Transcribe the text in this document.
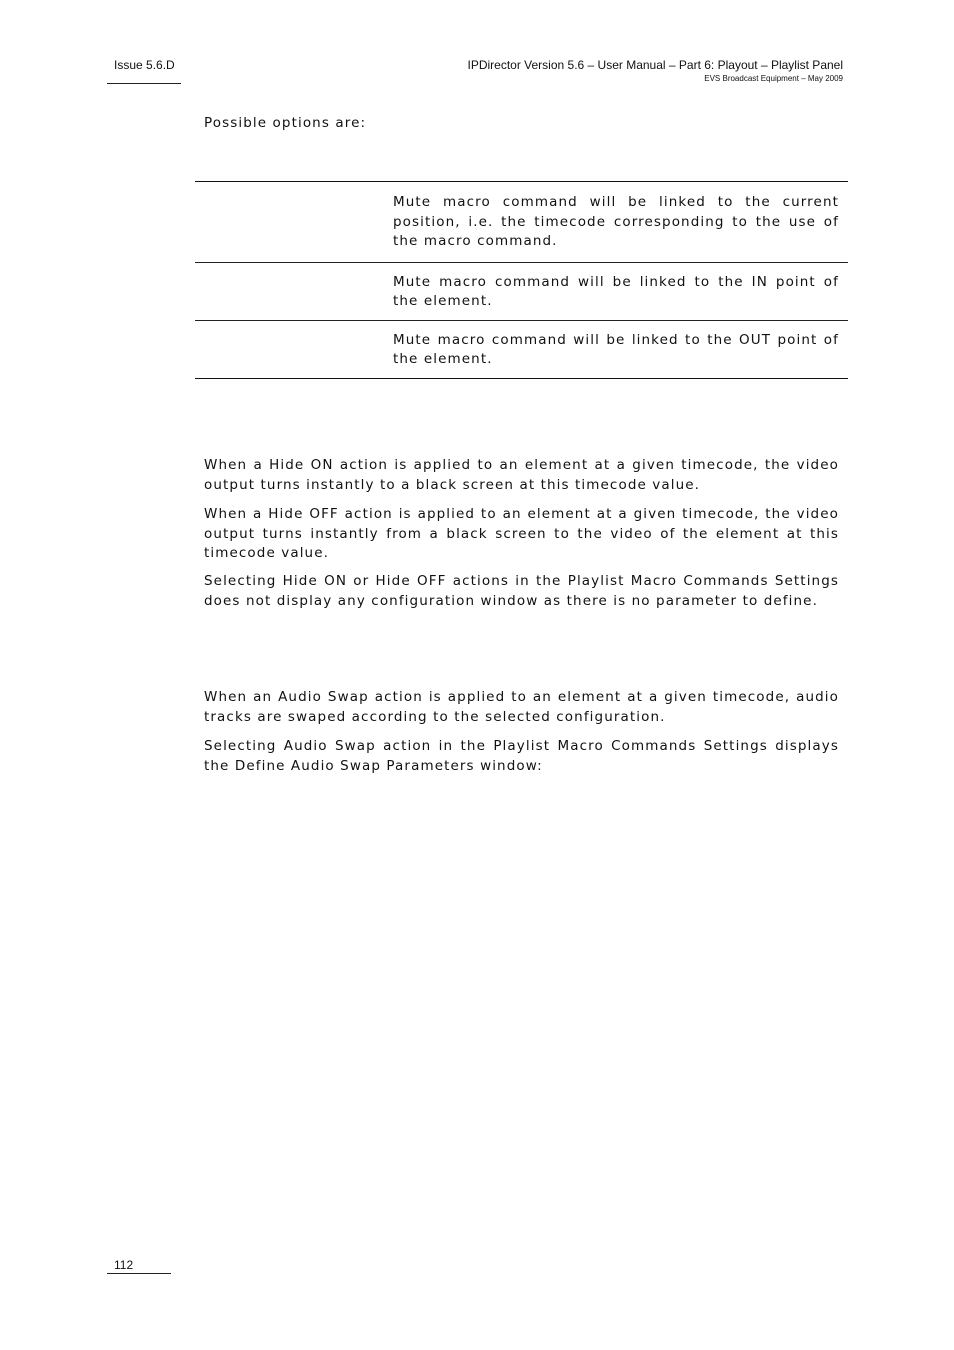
Issue 5.6.D	IPDirector Version 5.6 – User Manual – Part 6: Playout – Playlist Panel
EVS Broadcast Equipment – May 2009

Possible options are:

Mute macro command will be linked to the current position, i.e. the timecode corresponding to the use of the macro command.
Mute macro command will be linked to the IN point of the element.
Mute macro command will be linked to the OUT point of the element.

When a Hide ON action is applied to an element at a given timecode, the video output turns instantly to a black screen at this timecode value.

When a Hide OFF action is applied to an element at a given timecode, the video output turns instantly from a black screen to the video of the element at this timecode value.

Selecting Hide ON or Hide OFF actions in the Playlist Macro Commands Settings does not display any configuration window as there is no parameter to define.

When an Audio Swap action is applied to an element at a given timecode, audio tracks are swaped according to the selected configuration.

Selecting Audio Swap action in the Playlist Macro Commands Settings displays the Define Audio Swap Parameters window:

112
